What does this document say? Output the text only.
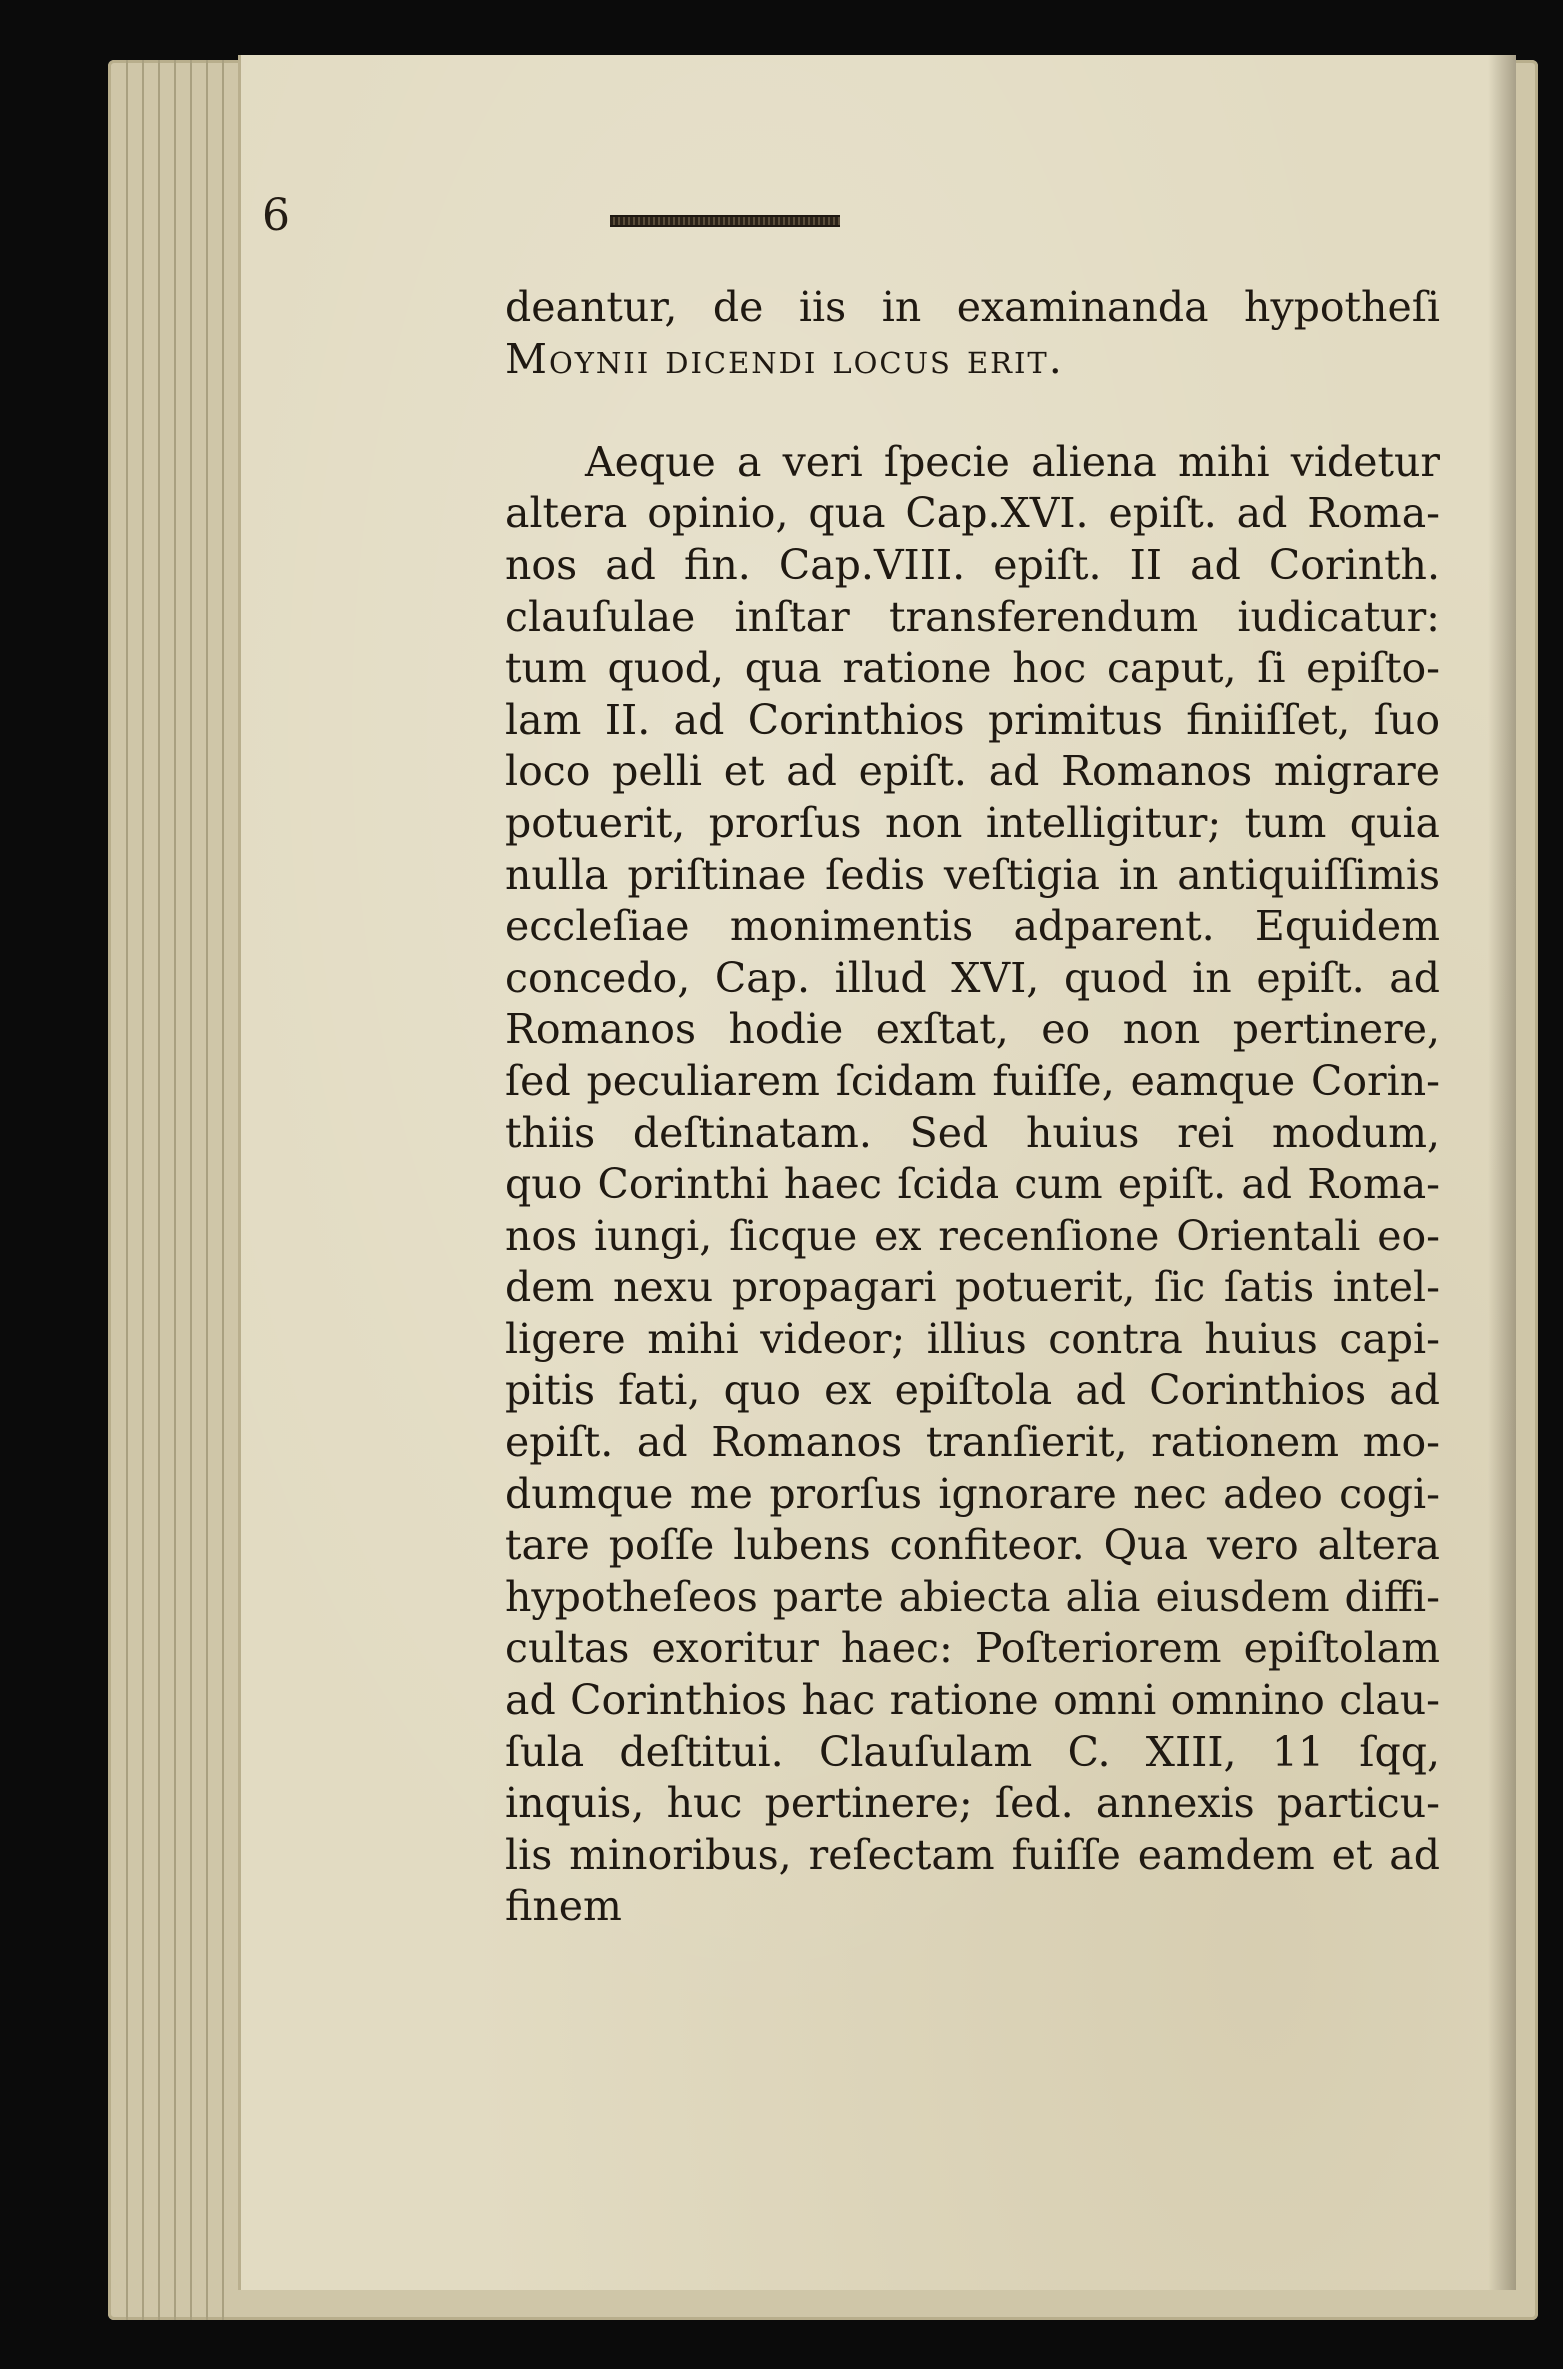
6
deantur, de iis in examinanda hypotheſi
Moynii dicendi locus erit.
Aeque a veri ſpecie aliena mihi videtur
altera opinio, qua Cap.XVI. epiſt. ad Roma-
nos ad fin. Cap.VIII. epiſt. II ad Corinth.
clauſulae inſtar transferendum iudicatur:
tum quod, qua ratione hoc caput, ſi epiſto-
lam II. ad Corinthios primitus finiiſſet, ſuo
loco pelli et ad epiſt. ad Romanos migrare
potuerit, prorſus non intelligitur; tum quia
nulla priſtinae ſedis veſtigia in antiquiſſimis
eccleſiae monimentis adparent. Equidem
concedo, Cap. illud XVI, quod in epiſt. ad
Romanos hodie exſtat, eo non pertinere,
ſed peculiarem ſcidam fuiſſe, eamque Corin-
thiis deſtinatam. Sed huius rei modum,
quo Corinthi haec ſcida cum epiſt. ad Roma-
nos iungi, ſicque ex recenſione Orientali eo-
dem nexu propagari potuerit, ſic ſatis intel-
ligere mihi videor; illius contra huius capi-
pitis fati, quo ex epiſtola ad Corinthios ad
epiſt. ad Romanos tranſierit, rationem mo-
dumque me prorſus ignorare nec adeo cogi-
tare poſſe lubens confiteor. Qua vero altera
hypotheſeos parte abiecta alia eiusdem diffi-
cultas exoritur haec: Poſteriorem epiſtolam
ad Corinthios hac ratione omni omnino clau-
ſula deſtitui. Clauſulam C. XIII, 11 ſqq,
inquis, huc pertinere; ſed. annexis particu-
lis minoribus, reſectam fuiſſe eamdem et ad
finem
